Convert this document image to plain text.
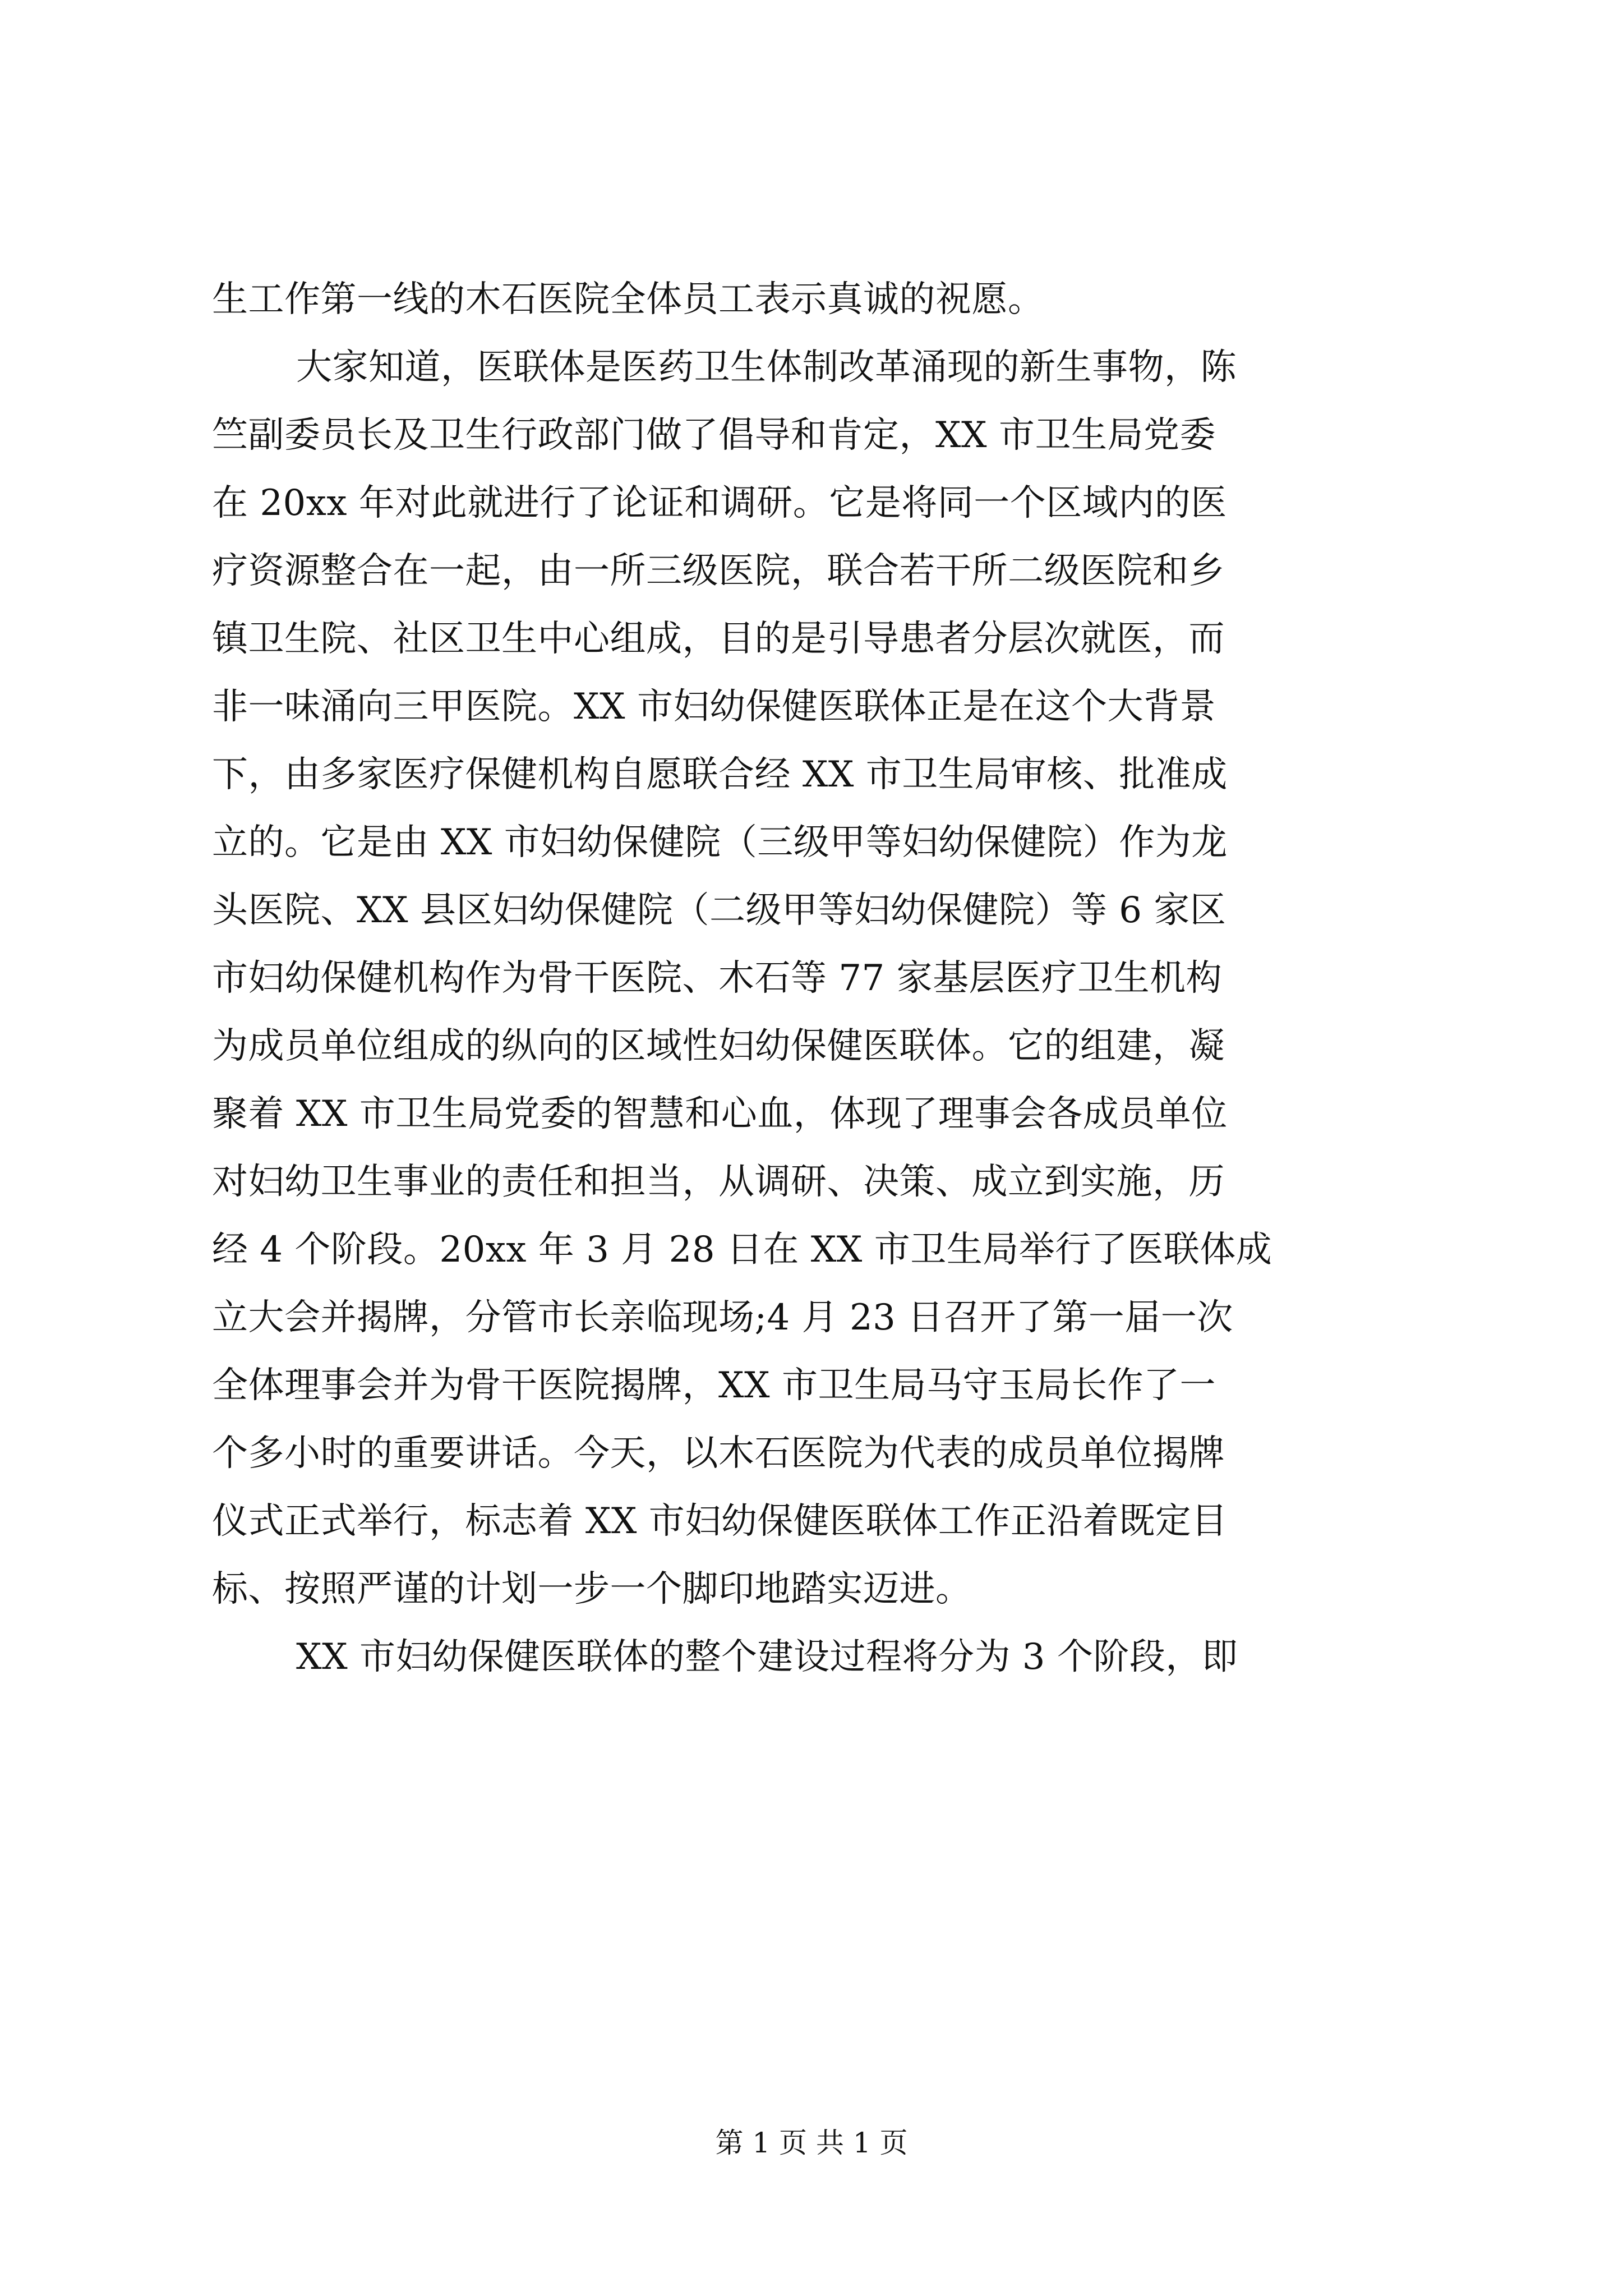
生工作第一线的木石医院全体员工表示真诚的祝愿。
大家知道，医联体是医药卫生体制改革涌现的新生事物，陈
竺副委员长及卫生行政部门做了倡导和肯定，XX 市卫生局党委
在 20xx 年对此就进行了论证和调研。它是将同一个区域内的医
疗资源整合在一起，由一所三级医院，联合若干所二级医院和乡
镇卫生院、社区卫生中心组成，目的是引导患者分层次就医，而
非一味涌向三甲医院。XX 市妇幼保健医联体正是在这个大背景
下，由多家医疗保健机构自愿联合经 XX 市卫生局审核、批准成
立的。它是由 XX 市妇幼保健院（三级甲等妇幼保健院）作为龙
头医院、XX 县区妇幼保健院（二级甲等妇幼保健院）等 6 家区
市妇幼保健机构作为骨干医院、木石等 77 家基层医疗卫生机构
为成员单位组成的纵向的区域性妇幼保健医联体。它的组建，凝
聚着 XX 市卫生局党委的智慧和心血，体现了理事会各成员单位
对妇幼卫生事业的责任和担当，从调研、决策、成立到实施，历
经 4 个阶段。20xx 年 3 月 28 日在 XX 市卫生局举行了医联体成
立大会并揭牌，分管市长亲临现场;4 月 23 日召开了第一届一次
全体理事会并为骨干医院揭牌，XX 市卫生局马守玉局长作了一
个多小时的重要讲话。今天，以木石医院为代表的成员单位揭牌
仪式正式举行，标志着 XX 市妇幼保健医联体工作正沿着既定目
标、按照严谨的计划一步一个脚印地踏实迈进。
XX 市妇幼保健医联体的整个建设过程将分为 3 个阶段，即
第 1 页 共 1 页
